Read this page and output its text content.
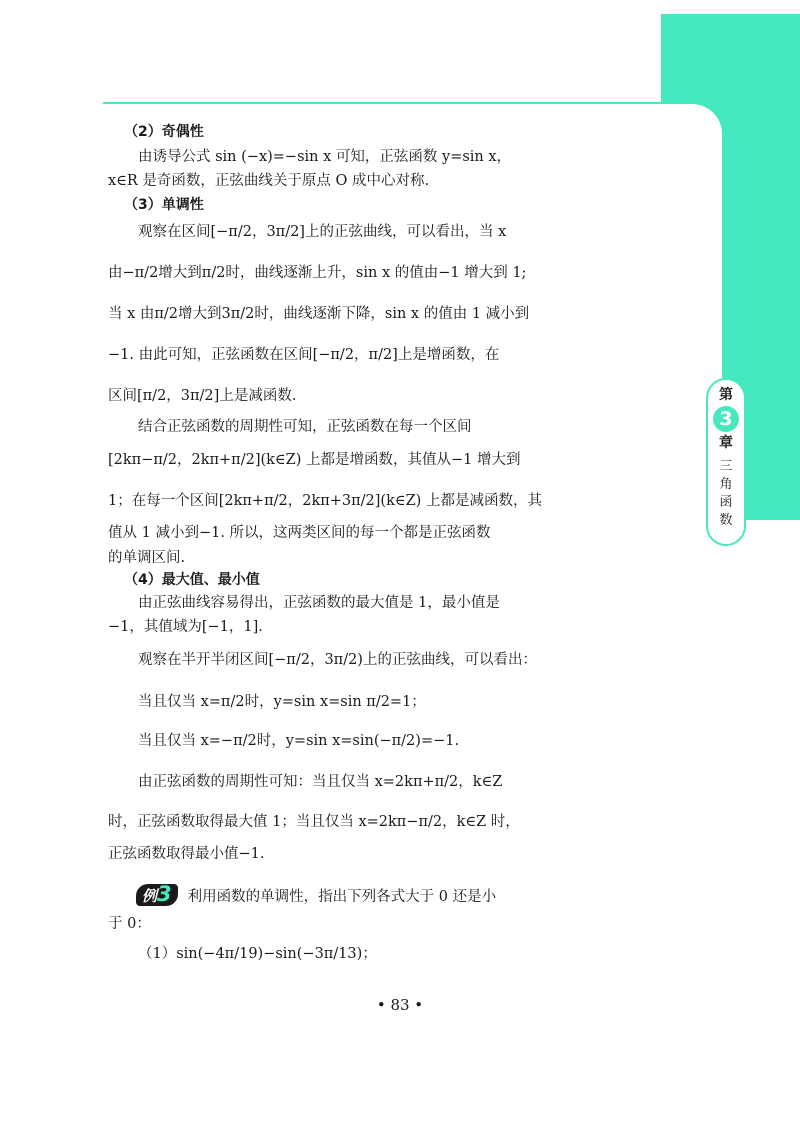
第
3
章
三角函数
（2）奇偶性
由诱导公式 sin (−x)=−sin x 可知，正弦函数 y=sin x，
x∈R 是奇函数，正弦曲线关于原点 O 成中心对称.
（3）单调性
观察在区间[−π/2，3π/2]上的正弦曲线，可以看出，当 x
由−π/2增大到π/2时，曲线逐渐上升，sin x 的值由−1 增大到 1;
当 x 由π/2增大到3π/2时，曲线逐渐下降，sin x 的值由 1 减小到
−1. 由此可知，正弦函数在区间[−π/2，π/2]上是增函数，在
区间[π/2，3π/2]上是减函数.
结合正弦函数的周期性可知，正弦函数在每一个区间
[2kπ−π/2，2kπ+π/2](k∈Z) 上都是增函数，其值从−1 增大到
1；在每一个区间[2kπ+π/2，2kπ+3π/2](k∈Z) 上都是减函数，其
值从 1 减小到−1. 所以，这两类区间的每一个都是正弦函数
的单调区间.
（4）最大值、最小值
由正弦曲线容易得出，正弦函数的最大值是 1，最小值是
−1，其值域为[−1，1].
观察在半开半闭区间[−π/2，3π/2)上的正弦曲线，可以看出：
当且仅当 x=π/2时，y=sin x=sin π/2=1；
当且仅当 x=−π/2时，y=sin x=sin(−π/2)=−1.
由正弦函数的周期性可知：当且仅当 x=2kπ+π/2，k∈Z
时，正弦函数取得最大值 1；当且仅当 x=2kπ−π/2，k∈Z 时，
正弦函数取得最小值−1.
例3 利用函数的单调性，指出下列各式大于 0 还是小
于 0：
（1）sin(−4π/19)−sin(−3π/13)；
• 83 •
